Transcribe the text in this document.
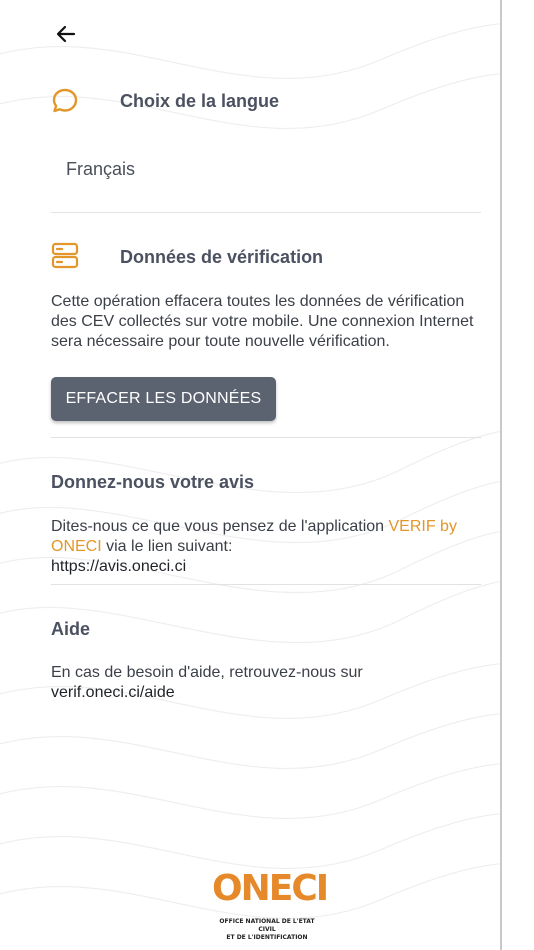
Choix de la langue
Français
Données de vérification
Cette opération effacera toutes les données de vérification des CEV collectés sur votre mobile. Une connexion Internet sera nécessaire pour toute nouvelle vérification.
EFFACER LES DONNÉES
Donnez-nous votre avis
Dites-nous ce que vous pensez de l'application VERIF by ONECI via le lien suivant:
https://avis.oneci.ci
Aide
En cas de besoin d'aide, retrouvez-nous sur
verif.oneci.ci/aide
ONECI
OFFICE NATIONAL DE L'ETAT CIVIL
ET DE L'IDENTIFICATION
